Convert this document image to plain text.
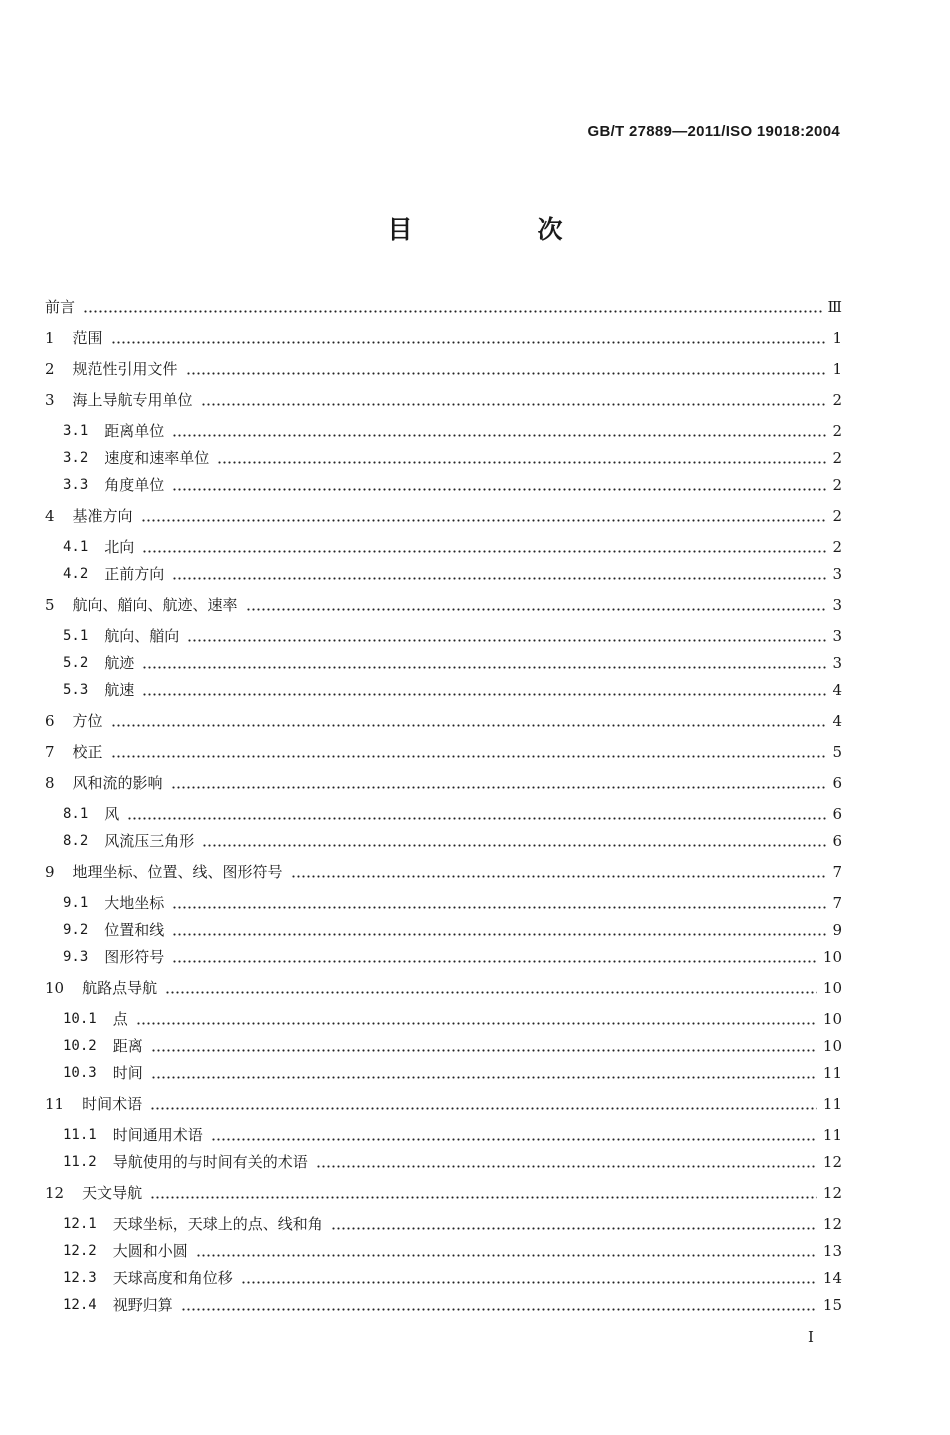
GB/T 27889—2011/ISO 19018:2004
目　次
前言	Ⅲ
1 范围	1
2 规范性引用文件	1
3 海上导航专用单位	2
3.1 距离单位	2
3.2 速度和速率单位	2
3.3 角度单位	2
4 基准方向	2
4.1 北向	2
4.2 正前方向	3
5 航向、艏向、航迹、速率	3
5.1 航向、艏向	3
5.2 航迹	3
5.3 航速	4
6 方位	4
7 校正	5
8 风和流的影响	6
8.1 风	6
8.2 风流压三角形	6
9 地理坐标、位置、线、图形符号	7
9.1 大地坐标	7
9.2 位置和线	9
9.3 图形符号	10
10 航路点导航	10
10.1 点	10
10.2 距离	10
10.3 时间	11
11 时间术语	11
11.1 时间通用术语	11
11.2 导航使用的与时间有关的术语	12
12 天文导航	12
12.1 天球坐标，天球上的点、线和角	12
12.2 大圆和小圆	13
12.3 天球高度和角位移	14
12.4 视野归算	15
Ⅰ
